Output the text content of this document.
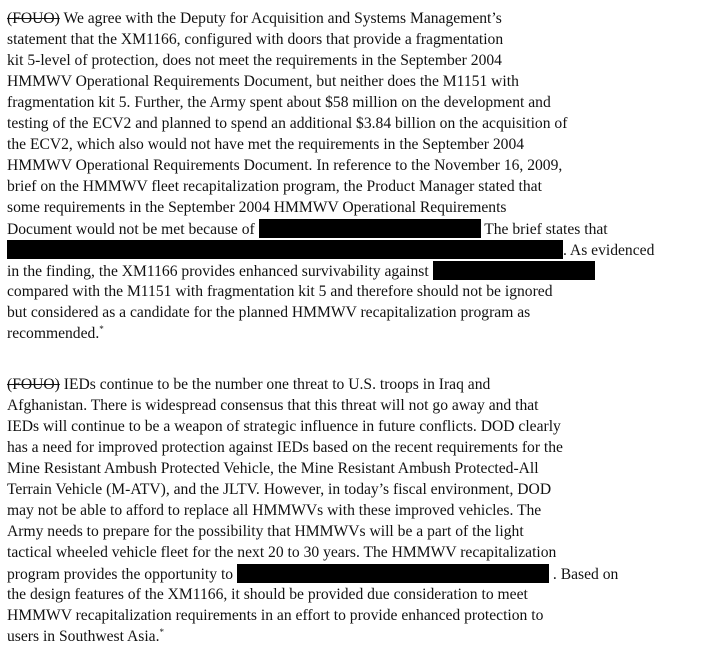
(FOUO) We agree with the Deputy for Acquisition and Systems Management’s
statement that the XM1166, configured with doors that provide a fragmentation
kit 5-level of protection, does not meet the requirements in the September 2004
HMMWV Operational Requirements Document, but neither does the M1151 with
fragmentation kit 5. Further, the Army spent about $58 million on the development and
testing of the ECV2 and planned to spend an additional $3.84 billion on the acquisition of
the ECV2, which also would not have met the requirements in the September 2004
HMMWV Operational Requirements Document. In reference to the November 16, 2009,
brief on the HMMWV fleet recapitalization program, the Product Manager stated that
some requirements in the September 2004 HMMWV Operational Requirements
Document would not be met because of	The brief states that
. As evidenced
in the finding, the XM1166 provides enhanced survivability against
compared with the M1151 with fragmentation kit 5 and therefore should not be ignored
but considered as a candidate for the planned HMMWV recapitalization program as
recommended.*
(FOUO) IEDs continue to be the number one threat to U.S. troops in Iraq and
Afghanistan. There is widespread consensus that this threat will not go away and that
IEDs will continue to be a weapon of strategic influence in future conflicts. DOD clearly
has a need for improved protection against IEDs based on the recent requirements for the
Mine Resistant Ambush Protected Vehicle, the Mine Resistant Ambush Protected-All
Terrain Vehicle (M-ATV), and the JLTV. However, in today’s fiscal environment, DOD
may not be able to afford to replace all HMMWVs with these improved vehicles. The
Army needs to prepare for the possibility that HMMWVs will be a part of the light
tactical wheeled vehicle fleet for the next 20 to 30 years. The HMMWV recapitalization
program provides the opportunity to	. Based on
the design features of the XM1166, it should be provided due consideration to meet
HMMWV recapitalization requirements in an effort to provide enhanced protection to
users in Southwest Asia.*
